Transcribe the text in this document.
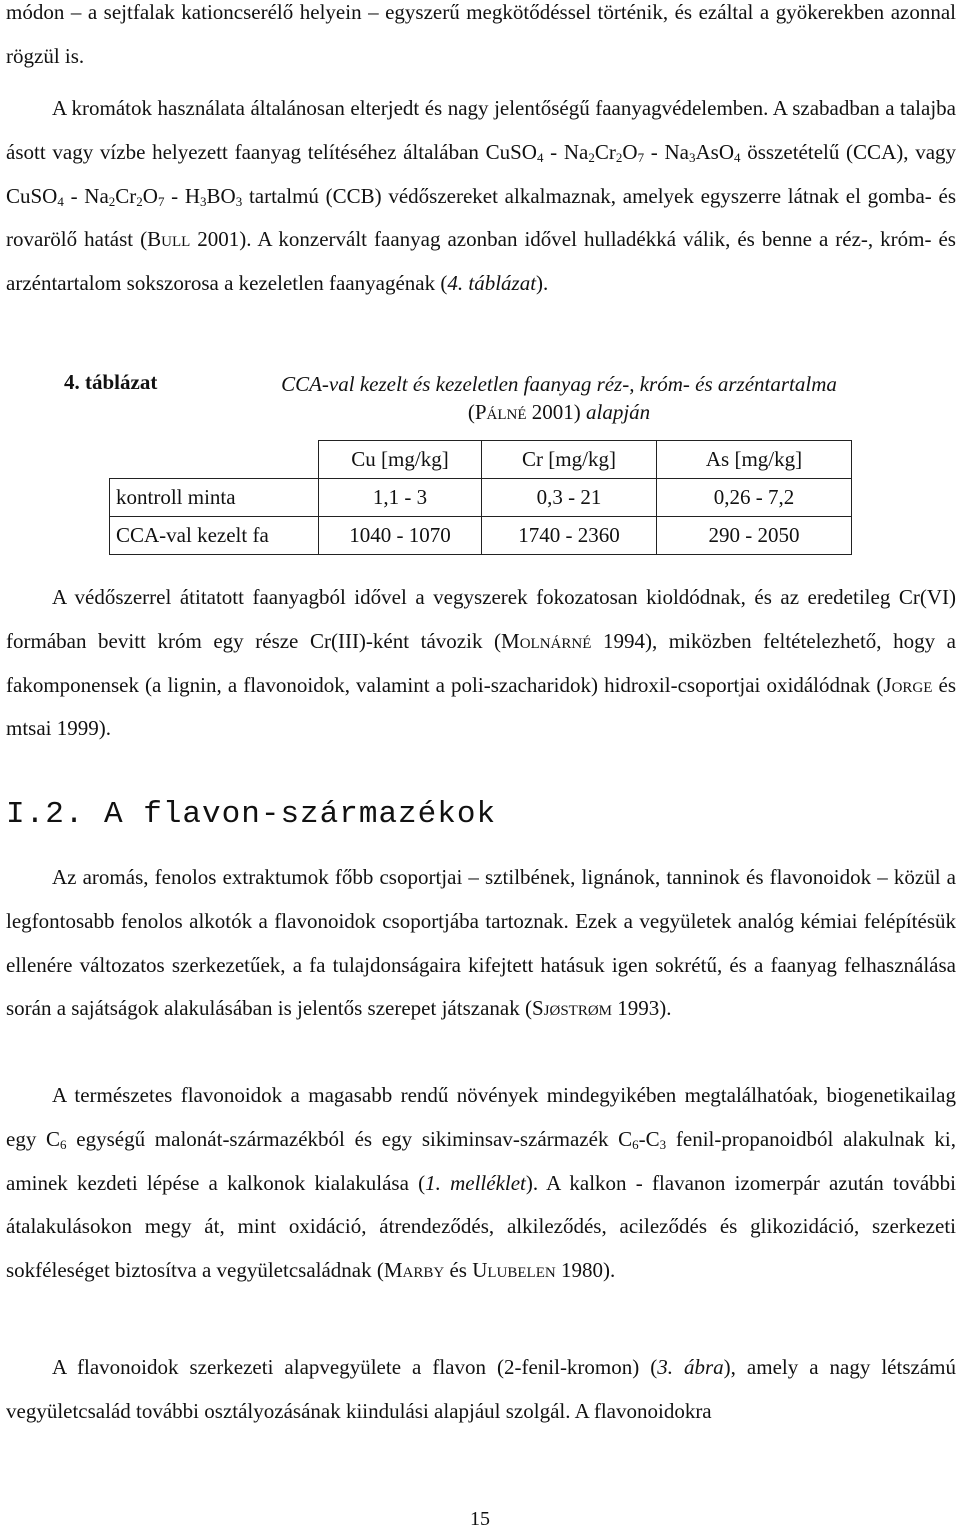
módon – a sejtfalak kationcserélő helyein – egyszerű megkötődéssel történik, és ezáltal a gyökerekben azonnal rögzül is.

A kromátok használata általánosan elterjedt és nagy jelentőségű faanyagvédelemben. A szabadban a talajba ásott vagy vízbe helyezett faanyag telítéséhez általában CuSO$_4$ - $Na_2Cr_2O_7 - Na_3AsO_4$ összetételű (CCA), vagy CuSO$_4$ - $Na_2Cr_2O_7 - H_3BO_3$ tartalmú (CCB) védőszereket alkalmaznak, amelyek egyszerre látnak el gomba- és rovarölő hatást (Bull 2001). A konzervált faanyag azonban idővel hulladékká válik, és benne a réz-, króm- és arzéntartalom sokszorosa a kezeletlen faanyagénak (4. táblázat).

4. táblázat	CCA-val kezelt és kezeletlen faanyag réz-, króm- és arzéntartalma
(Pálné 2001) alapján
	Cu [mg/kg]	Cr [mg/kg]	As [mg/kg]
kontroll minta	1,1 - 3	0,3 - 21	0,26 - 7,2
CCA-val kezelt fa	1040 - 1070	1740 - 2360	290 - 2050

A védőszerrel átitatott faanyagból idővel a vegyszerek fokozatosan kioldódnak, és az eredetileg Cr(VI) formában bevitt króm egy része Cr(III)-ként távozik (Molnárné 1994), miközben feltételezhető, hogy a fakomponensek (a lignin, a flavonoidok, valamint a poli-szacharidok) hidroxil-csoportjai oxidálódnak (Jorge és mtsai 1999).

I.2. A flavon-származékok

Az aromás, fenolos extraktumok főbb csoportjai – sztilbének, lignánok, tanninok és flavonoidok – közül a legfontosabb fenolos alkotók a flavonoidok csoportjába tartoznak. Ezek a vegyületek analóg kémiai felépítésük ellenére változatos szerkezetűek, a fa tulajdonságaira kifejtett hatásuk igen sokrétű, és a faanyag felhasználása során a sajátságok alakulásában is jelentős szerepet játszanak (Sjøstrøm 1993).

A természetes flavonoidok a magasabb rendű növények mindegyikében megtalálhatóak, biogenetikailag egy $C_6$ egységű malonát-származékból és egy sikiminsav-származék $C_6-C_3$ fenil-propanoidból alakulnak ki, aminek kezdeti lépése a kalkonok kialakulása (1. melléklet). A kalkon - flavanon izomerpár azután további átalakulásokon megy át, mint oxidáció, átrendeződés, alkileződés, acileződés és glikozidáció, szerkezeti sokféleséget biztosítva a vegyületcsaládnak (Marby és Ulubelen 1980).

A flavonoidok szerkezeti alapvegyülete a flavon (2-fenil-kromon) (3. ábra), amely a nagy létszámú vegyületcsalád további osztályozásának kiindulási alapjául szolgál. A flavonoidokra

15
